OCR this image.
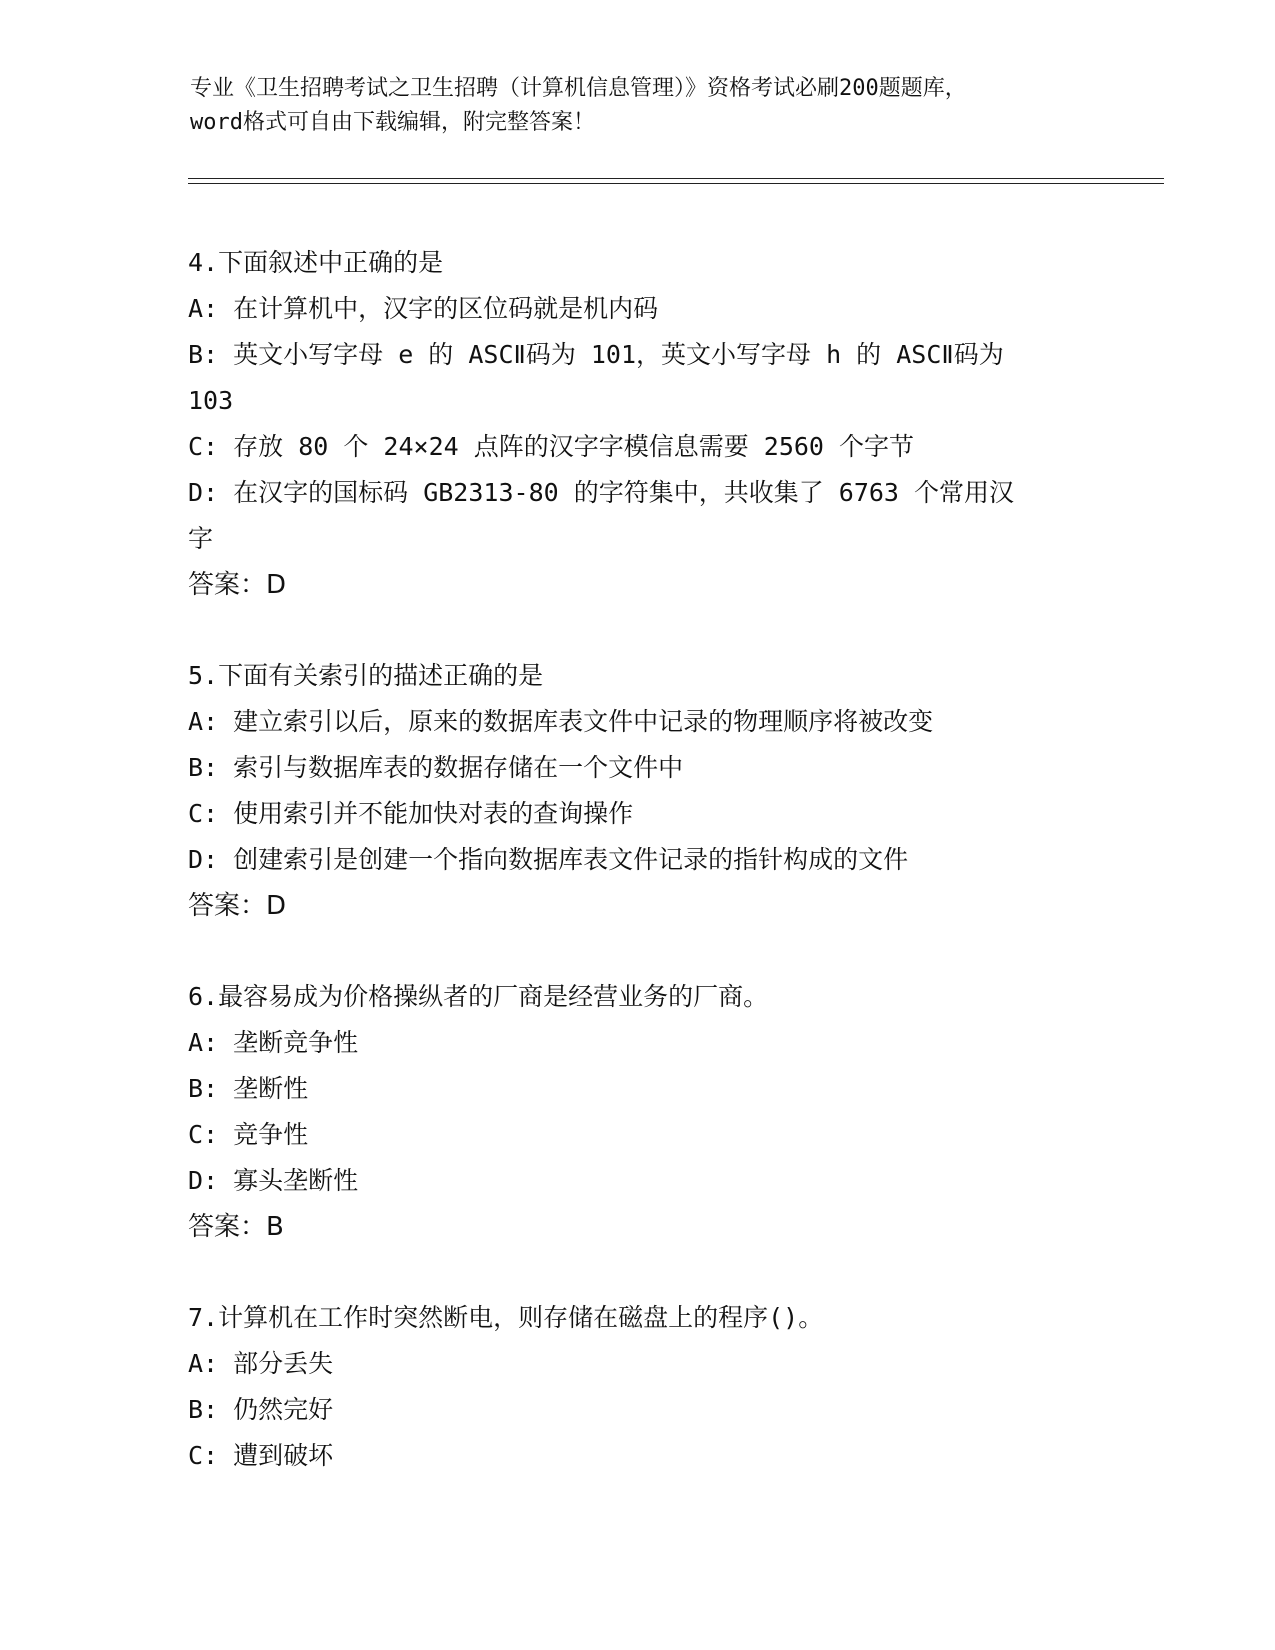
专业《卫生招聘考试之卫生招聘（计算机信息管理）》资格考试必刷200题题库，
word格式可自由下载编辑，附完整答案！
4.下面叙述中正确的是
A: 在计算机中，汉字的区位码就是机内码
B: 英文小写字母 e 的 ASCⅡ码为 101，英文小写字母 h 的 ASCⅡ码为 103
C: 存放 80 个 24×24 点阵的汉字字模信息需要 2560 个字节
D: 在汉字的国标码 GB2313-80 的字符集中，共收集了 6763 个常用汉字
答案：D
5.下面有关索引的描述正确的是
A: 建立索引以后，原来的数据库表文件中记录的物理顺序将被改变
B: 索引与数据库表的数据存储在一个文件中
C: 使用索引并不能加快对表的查询操作
D: 创建索引是创建一个指向数据库表文件记录的指针构成的文件
答案：D
6.最容易成为价格操纵者的厂商是经营业务的厂商。
A: 垄断竞争性
B: 垄断性
C: 竞争性
D: 寡头垄断性
答案：B
7.计算机在工作时突然断电，则存储在磁盘上的程序()。
A: 部分丢失
B: 仍然完好
C: 遭到破坏
